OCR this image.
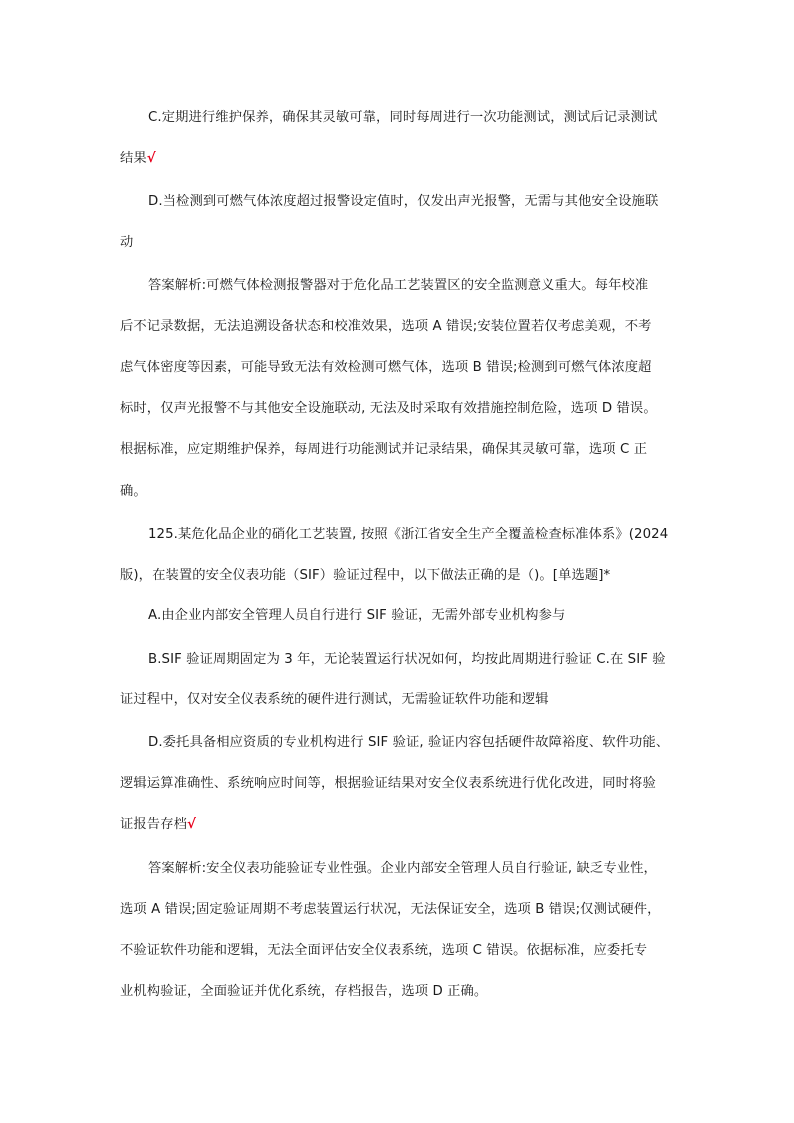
C.定期进行维护保养，确保其灵敏可靠，同时每周进行一次功能测试，测试后记录测试
结果√
D.当检测到可燃气体浓度超过报警设定值时，仅发出声光报警，无需与其他安全设施联
动
答案解析:可燃气体检测报警器对于危化品工艺装置区的安全监测意义重大。每年校准
后不记录数据，无法追溯设备状态和校准效果，选项 A 错误;安装位置若仅考虑美观，不考
虑气体密度等因素，可能导致无法有效检测可燃气体，选项 B 错误;检测到可燃气体浓度超
标时，仅声光报警不与其他安全设施联动, 无法及时采取有效措施控制危险，选项 D 错误。
根据标准，应定期维护保养，每周进行功能测试并记录结果，确保其灵敏可靠，选项 C 正
确。
125.某危化品企业的硝化工艺装置, 按照《浙江省安全生产全覆盖检查标准体系》(2024
版)，在装置的安全仪表功能（SIF）验证过程中，以下做法正确的是（)。[单选题]*
A.由企业内部安全管理人员自行进行 SIF 验证，无需外部专业机构参与
B.SIF 验证周期固定为 3 年，无论装置运行状况如何，均按此周期进行验证 C.在 SIF 验
证过程中，仅对安全仪表系统的硬件进行测试，无需验证软件功能和逻辑
D.委托具备相应资质的专业机构进行 SIF 验证, 验证内容包括硬件故障裕度、软件功能、
逻辑运算准确性、系统响应时间等，根据验证结果对安全仪表系统进行优化改进，同时将验
证报告存档√
答案解析:安全仪表功能验证专业性强。企业内部安全管理人员自行验证, 缺乏专业性，
选项 A 错误;固定验证周期不考虑装置运行状况，无法保证安全，选项 B 错误;仅测试硬件，
不验证软件功能和逻辑，无法全面评估安全仪表系统，选项 C 错误。依据标准，应委托专
业机构验证，全面验证并优化系统，存档报告，选项 D 正确。
